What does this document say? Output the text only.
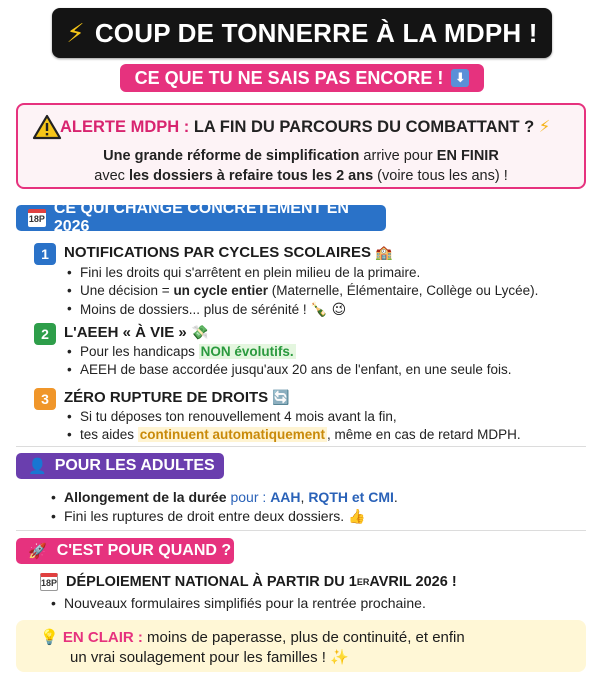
⚡ COUP DE TONNERRE À LA MDPH !
CE QUE TU NE SAIS PAS ENCORE ! ⬇
ALERTE MDPH : LA FIN DU PARCOURS DU COMBATTANT ? ⚡
Une grande réforme de simplification arrive pour EN FINIR
avec les dossiers à refaire tous les 2 ans (voire tous les ans) !
18P
CE QUI CHANGE CONCRÈTEMENT EN 2026
1	NOTIFICATIONS PAR CYCLES SCOLAIRES 🏫
• Fini les droits qui s'arrêtent en plein milieu de la primaire.
• Une décision = un cycle entier (Maternelle, Élémentaire, Collège ou Lycée).
• Moins de dossiers... plus de sérénité ! 🍾 😉
2	L'AEEH « À VIE » 💸
• Pour les handicaps NON évolutifs.
• AEEH de base accordée jusqu'aux 20 ans de l'enfant, en une seule fois.
3	ZÉRO RUPTURE DE DROITS 🔄
• Si tu déposes ton renouvellement 4 mois avant la fin,
• tes aides continuent automatiquement , même en cas de retard MDPH.
👤 POUR LES ADULTES
• Allongement de la durée pour : AAH, RQTH et CMI.
• Fini les ruptures de droit entre deux dossiers. 👍
🚀 C'EST POUR QUAND ?
18P DÉPLOIEMENT NATIONAL À PARTIR DU 1 ER AVRIL 2026 !
• Nouveaux formulaires simplifiés pour la rentrée prochaine.
💡 EN CLAIR : moins de paperasse, plus de continuité, et enfin
un vrai soulagement pour les familles ! ✨
